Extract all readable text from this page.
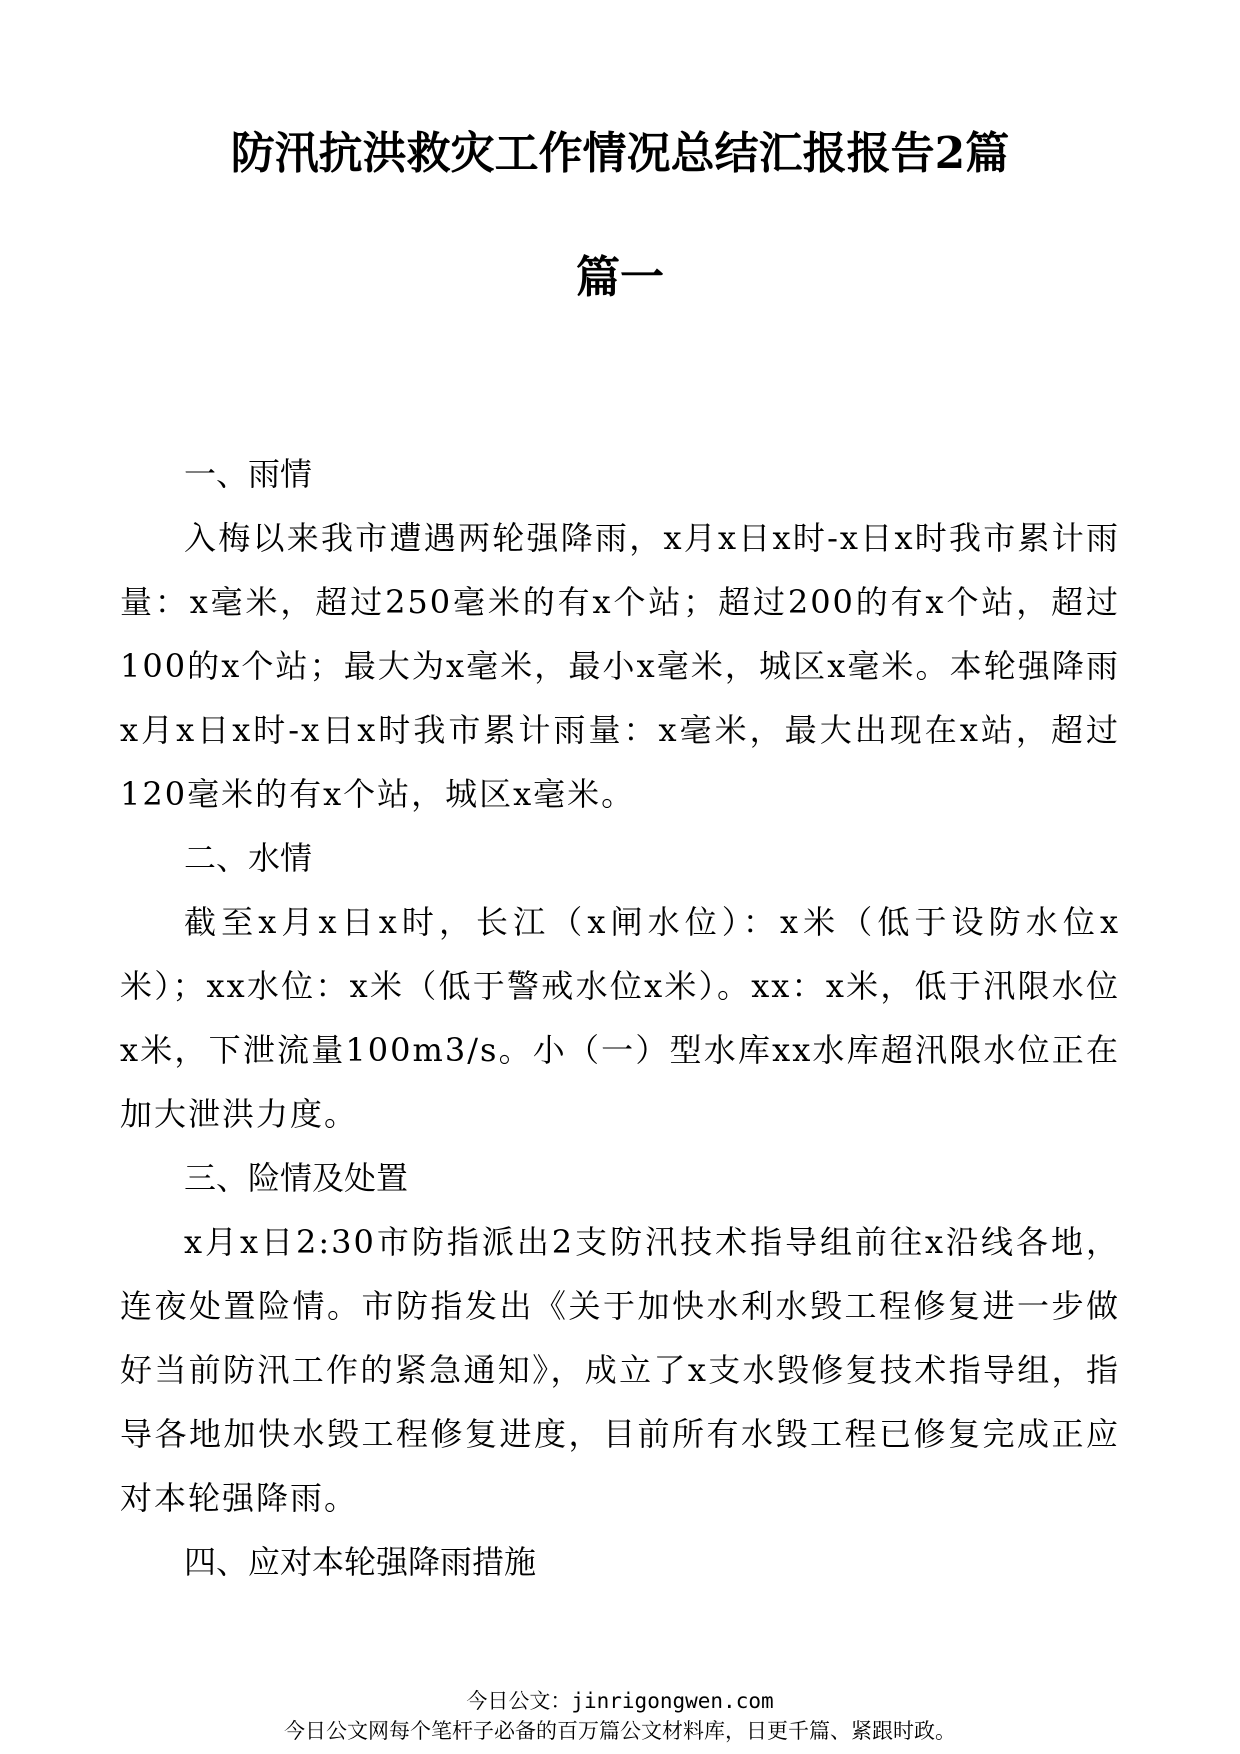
防汛抗洪救灾工作情况总结汇报报告2篇
篇一
一、雨情

入梅以来我市遭遇两轮强降雨，x月x日x时-x日x时我市累计雨量：x毫米，超过250毫米的有x个站；超过200的有x个站，超过100的x个站；最大为x毫米，最小x毫米，城区x毫米。本轮强降雨x月x日x时-x日x时我市累计雨量：x毫米，最大出现在x站，超过120毫米的有x个站，城区x毫米。

二、水情

截至x月x日x时，长江（x闸水位）：x米（低于设防水位x米）；xx水位：x米（低于警戒水位x米）。xx：x米，低于汛限水位x米，下泄流量100m3/s。小（一）型水库xx水库超汛限水位正在加大泄洪力度。

三、险情及处置

x月x日2:30市防指派出2支防汛技术指导组前往x沿线各地，连夜处置险情。市防指发出《关于加快水利水毁工程修复进一步做好当前防汛工作的紧急通知》，成立了x支水毁修复技术指导组，指导各地加快水毁工程修复进度，目前所有水毁工程已修复完成正应对本轮强降雨。

四、应对本轮强降雨措施
今日公文：jinrigongwen.com
今日公文网每个笔杆子必备的百万篇公文材料库，日更千篇、紧跟时政。
